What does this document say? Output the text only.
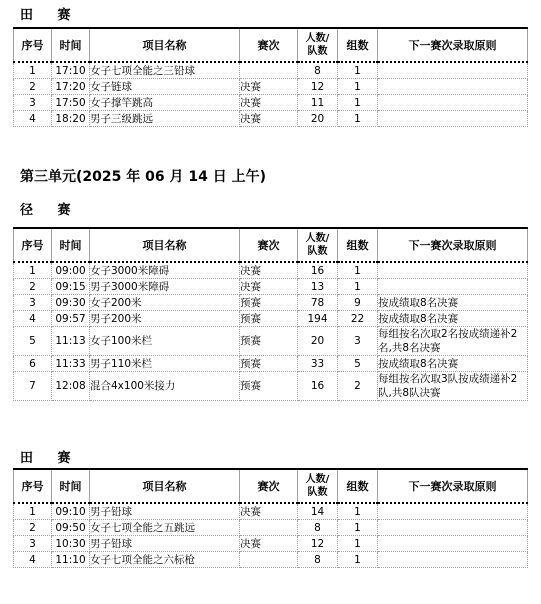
田 赛
序号	时间	项目名称	赛次	人数/
队数	组数	下一赛次录取原则
1	17:10	女子七项全能之三铅球		8	1	
2	17:20	女子链球	决赛	12	1	
3	17:50	女子撑竿跳高	决赛	11	1	
4	18:20	男子三级跳远	决赛	20	1	
第三单元(2025 年 06 月 14 日 上午)
径 赛
序号	时间	项目名称	赛次	人数/
队数	组数	下一赛次录取原则
1	09:00	女子3000米障碍	决赛	16	1	
2	09:15	男子3000米障碍	决赛	13	1	
3	09:30	女子200米	预赛	78	9	按成绩取8名决赛
4	09:57	男子200米	预赛	194	22	按成绩取8名决赛
5	11:13	女子100米栏	预赛	20	3	每组按名次取2名按成绩递补2名,共8名决赛
6	11:33	男子110米栏	预赛	33	5	按成绩取8名决赛
7	12:08	混合4x100米接力	预赛	16	2	每组按名次取3队按成绩递补2队,共8队决赛
田 赛
序号	时间	项目名称	赛次	人数/
队数	组数	下一赛次录取原则
1	09:10	男子铅球	决赛	14	1	
2	09:50	女子七项全能之五跳远		8	1	
3	10:30	男子铅球	决赛	12	1	
4	11:10	女子七项全能之六标枪		8	1	
